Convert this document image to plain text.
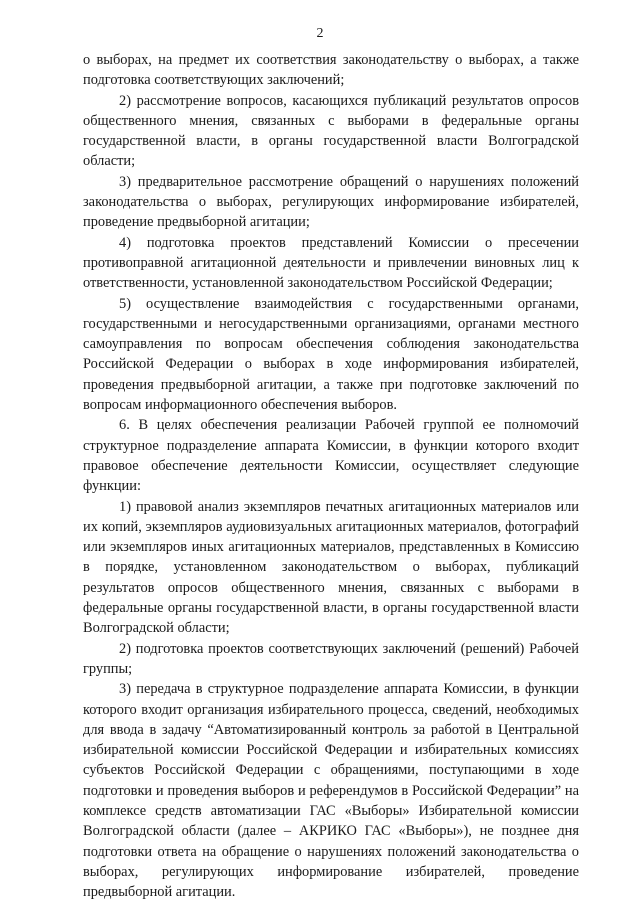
2

о выборах, на предмет их соответствия законодательству о выборах, а также подготовка соответствующих заключений;

2) рассмотрение вопросов, касающихся публикаций результатов опросов общественного мнения, связанных с выборами в федеральные органы государственной власти, в органы государственной власти Волгоградской области;

3) предварительное рассмотрение обращений о нарушениях положений законодательства о выборах, регулирующих информирование избирателей, проведение предвыборной агитации;

4) подготовка проектов представлений Комиссии о пресечении противоправной агитационной деятельности и привлечении виновных лиц к ответственности, установленной законодательством Российской Федерации;

5) осуществление взаимодействия с государственными органами, государственными и негосударственными организациями, органами местного самоуправления по вопросам обеспечения соблюдения законодательства Российской Федерации о выборах в ходе информирования избирателей, проведения предвыборной агитации, а также при подготовке заключений по вопросам информационного обеспечения выборов.

6. В целях обеспечения реализации Рабочей группой ее полномочий структурное подразделение аппарата Комиссии, в функции которого входит правовое обеспечение деятельности Комиссии, осуществляет следующие функции:

1) правовой анализ экземпляров печатных агитационных материалов или их копий, экземпляров аудиовизуальных агитационных материалов, фотографий или экземпляров иных агитационных материалов, представленных в Комиссию в порядке, установленном законодательством о выборах, публикаций результатов опросов общественного мнения, связанных с выборами в федеральные органы государственной власти, в органы государственной власти Волгоградской области;

2) подготовка проектов соответствующих заключений (решений) Рабочей группы;

3) передача в структурное подразделение аппарата Комиссии, в функции которого входит организация избирательного процесса, сведений, необходимых для ввода в задачу “Автоматизированный контроль за работой в Центральной избирательной комиссии Российской Федерации и избирательных комиссиях субъектов Российской Федерации с обращениями, поступающими в ходе подготовки и проведения выборов и референдумов в Российской Федерации” на комплексе средств автоматизации ГАС «Выборы» Избирательной комиссии Волгоградской области (далее – АКРИКО ГАС «Выборы»), не позднее дня подготовки ответа на обращение о нарушениях положений законодательства о выборах, регулирующих информирование избирателей, проведение предвыборной агитации.
